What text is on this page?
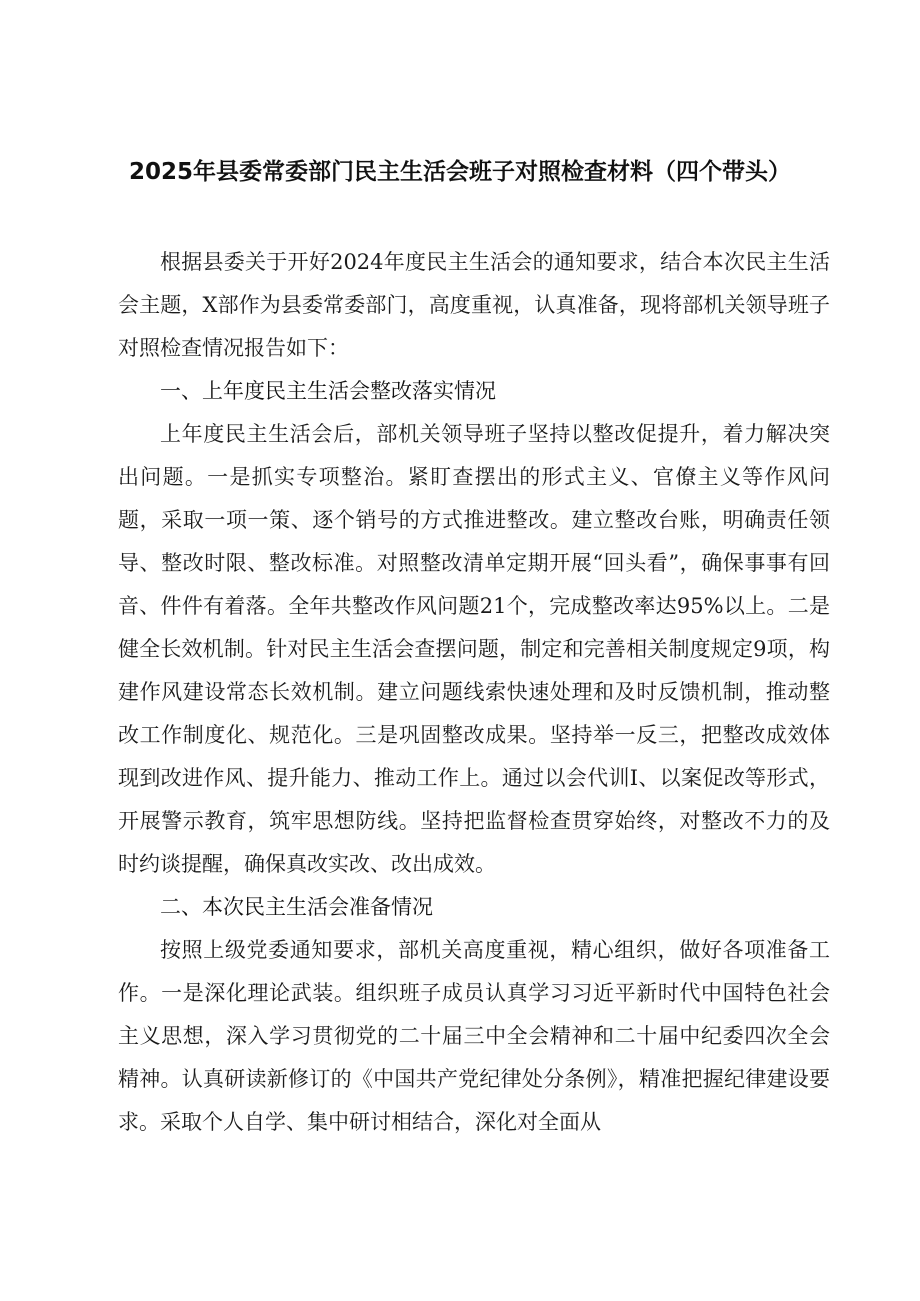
2025年县委常委部门民主生活会班子对照检查材料（四个带头）

根据县委关于开好2024年度民主生活会的通知要求，结合本次民主生活会主题，X部作为县委常委部门，高度重视，认真准备，现将部机关领导班子对照检查情况报告如下：

一、上年度民主生活会整改落实情况

上年度民主生活会后，部机关领导班子坚持以整改促提升，着力解决突出问题。一是抓实专项整治。紧盯查摆出的形式主义、官僚主义等作风问题，采取一项一策、逐个销号的方式推进整改。建立整改台账，明确责任领导、整改时限、整改标准。对照整改清单定期开展“回头看”，确保事事有回音、件件有着落。全年共整改作风问题21个，完成整改率达95%以上。二是健全长效机制。针对民主生活会查摆问题，制定和完善相关制度规定9项，构建作风建设常态长效机制。建立问题线索快速处理和及时反馈机制，推动整改工作制度化、规范化。三是巩固整改成果。坚持举一反三，把整改成效体现到改进作风、提升能力、推动工作上。通过以会代训I、以案促改等形式，开展警示教育，筑牢思想防线。坚持把监督检查贯穿始终，对整改不力的及时约谈提醒，确保真改实改、改出成效。

二、本次民主生活会准备情况

按照上级党委通知要求，部机关高度重视，精心组织，做好各项准备工作。一是深化理论武装。组织班子成员认真学习习近平新时代中国特色社会主义思想，深入学习贯彻党的二十届三中全会精神和二十届中纪委四次全会精神。认真研读新修订的《中国共产党纪律处分条例》，精准把握纪律建设要求。采取个人自学、集中研讨相结合，深化对全面从
